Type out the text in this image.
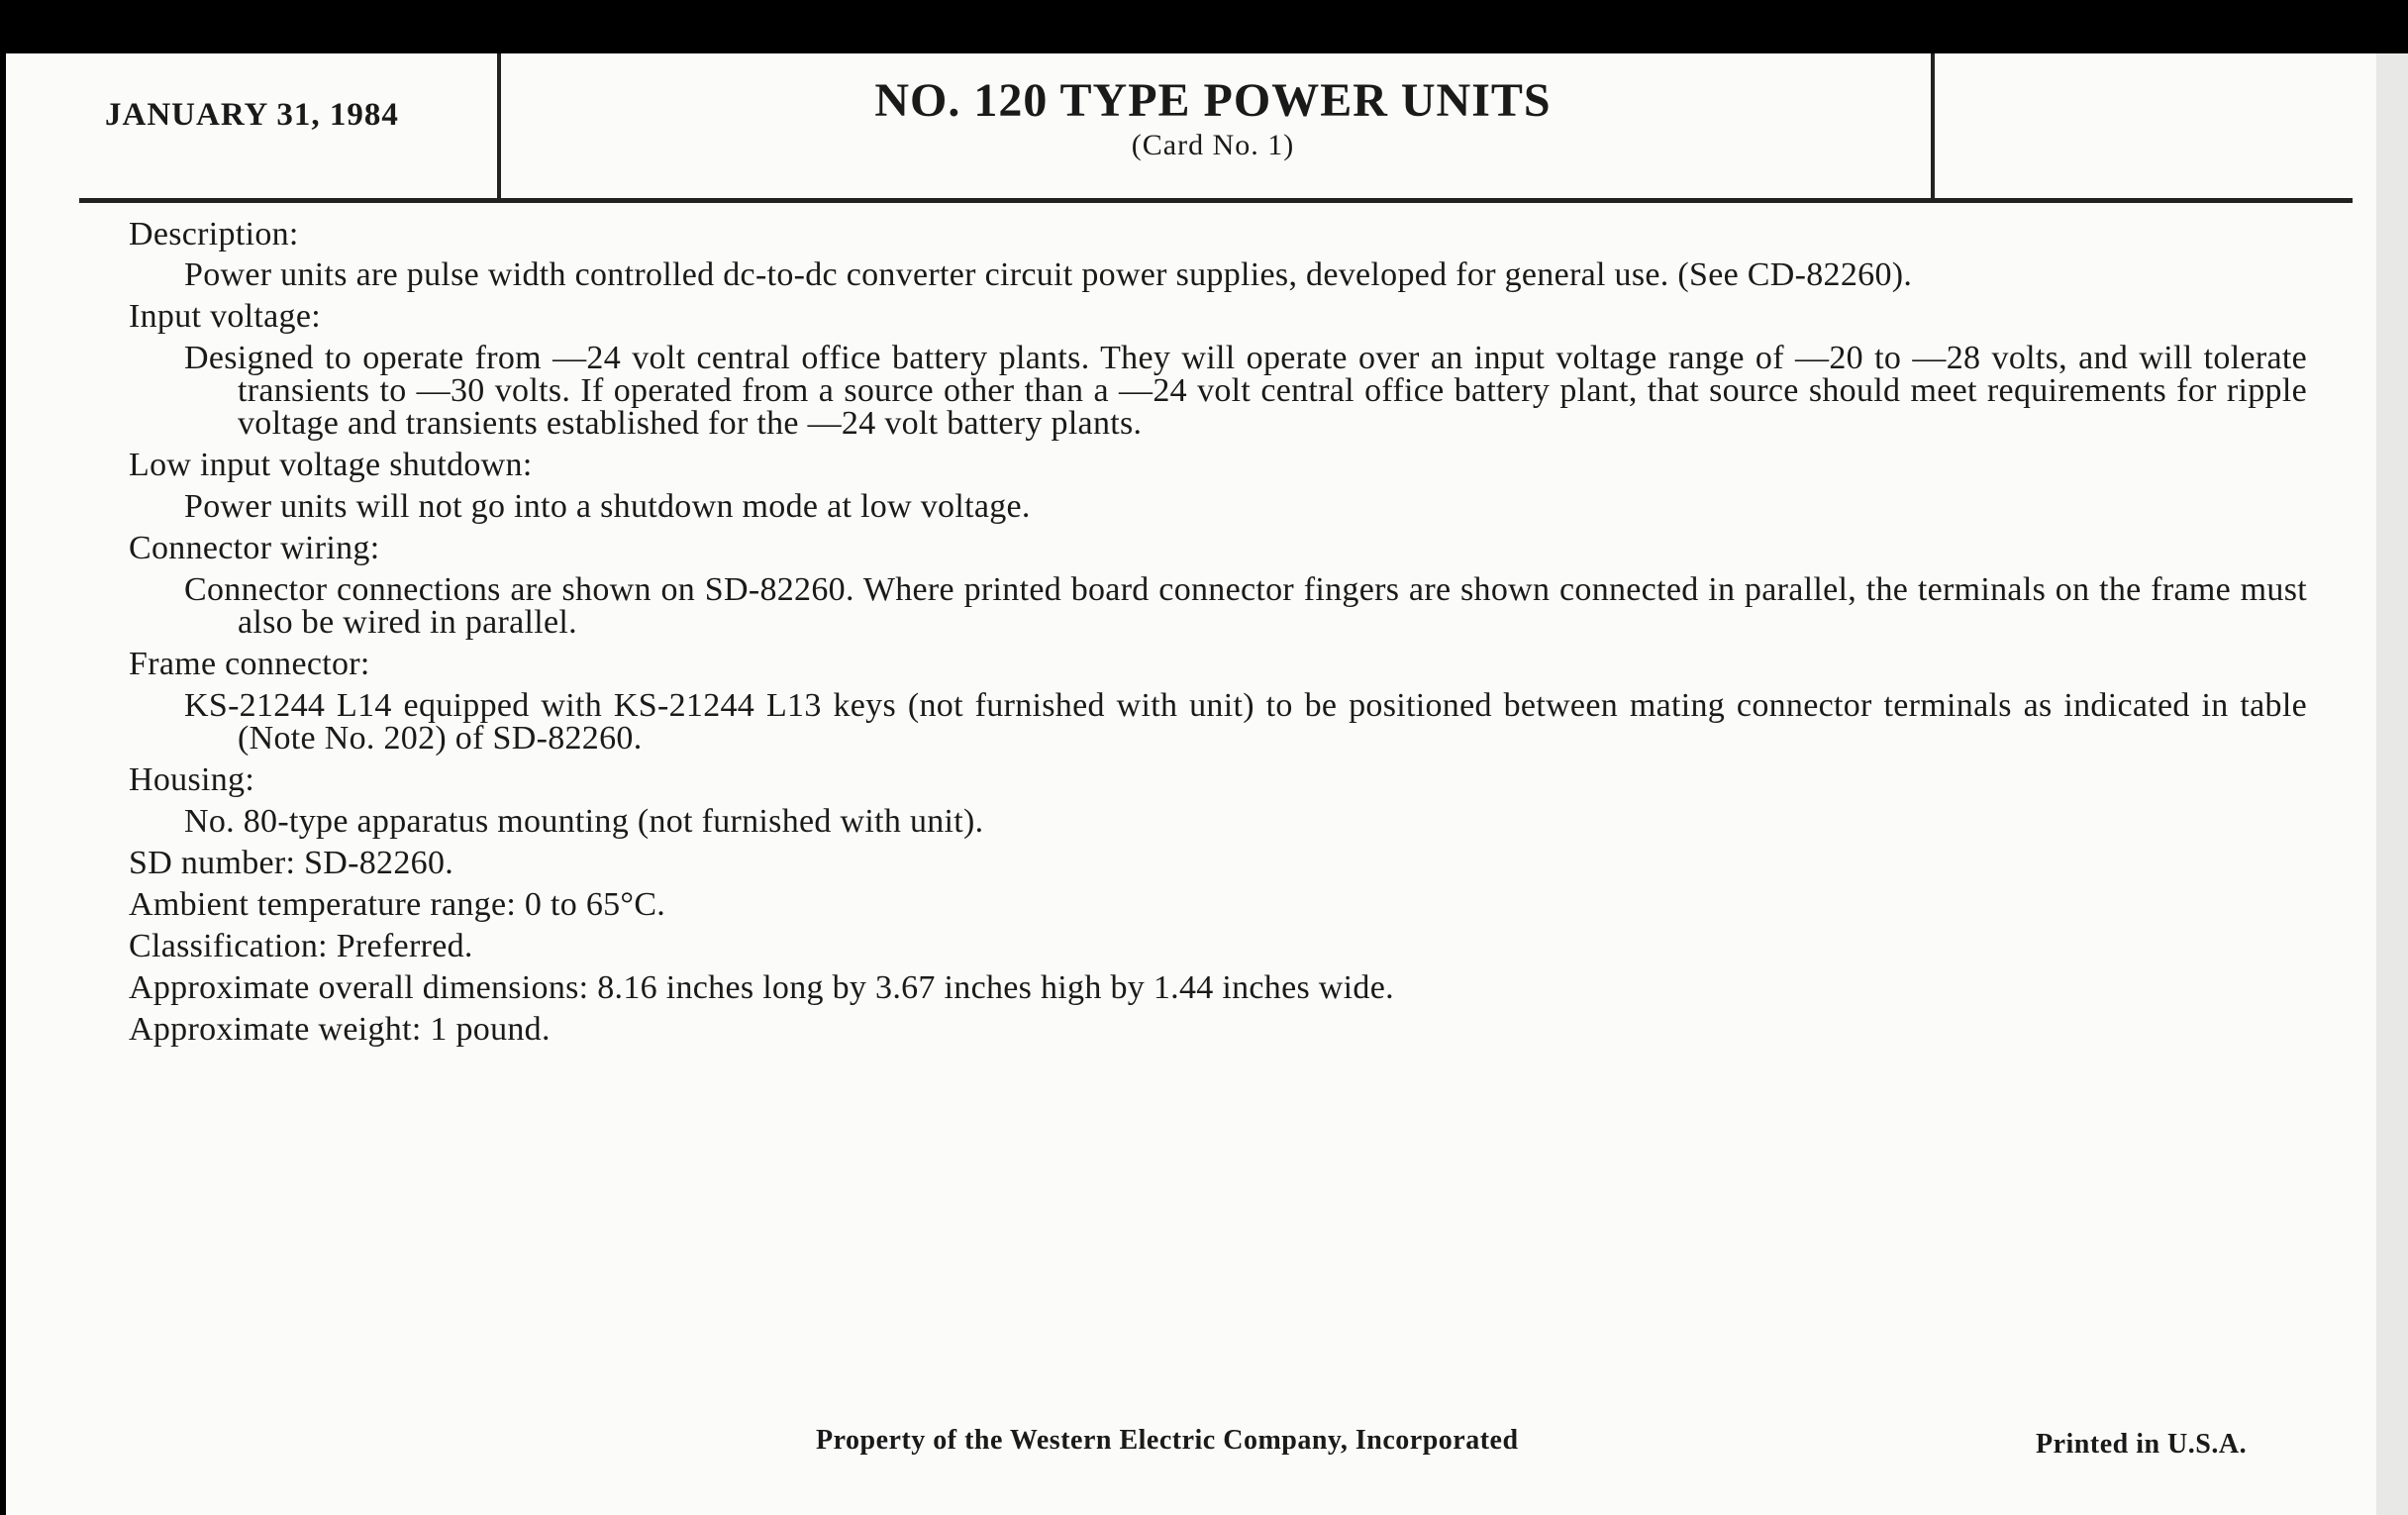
JANUARY 31, 1984	NO. 120 TYPE POWER UNITS
(Card No. 1)
Description:
Power units are pulse width controlled dc-to-dc converter circuit power supplies, developed for general use. (See CD-82260).
Input voltage:
Designed to operate from —24 volt central office battery plants. They will operate over an input voltage range of —20 to —28 volts, and will tolerate transients to —30 volts. If operated from a source other than a —24 volt central office battery plant, that source should meet requirements for ripple voltage and transients established for the —24 volt battery plants.
Low input voltage shutdown:
Power units will not go into a shutdown mode at low voltage.
Connector wiring:
Connector connections are shown on SD-82260. Where printed board connector fingers are shown connected in parallel, the terminals on the frame must also be wired in parallel.
Frame connector:
KS-21244 L14 equipped with KS-21244 L13 keys (not furnished with unit) to be positioned between mating connector terminals as indicated in table (Note No. 202) of SD-82260.
Housing:
No. 80-type apparatus mounting (not furnished with unit).
SD number: SD-82260.
Ambient temperature range: 0 to 65°C.
Classification: Preferred.
Approximate overall dimensions: 8.16 inches long by 3.67 inches high by 1.44 inches wide.
Approximate weight: 1 pound.
Property of the Western Electric Company, Incorporated	Printed in U.S.A.
